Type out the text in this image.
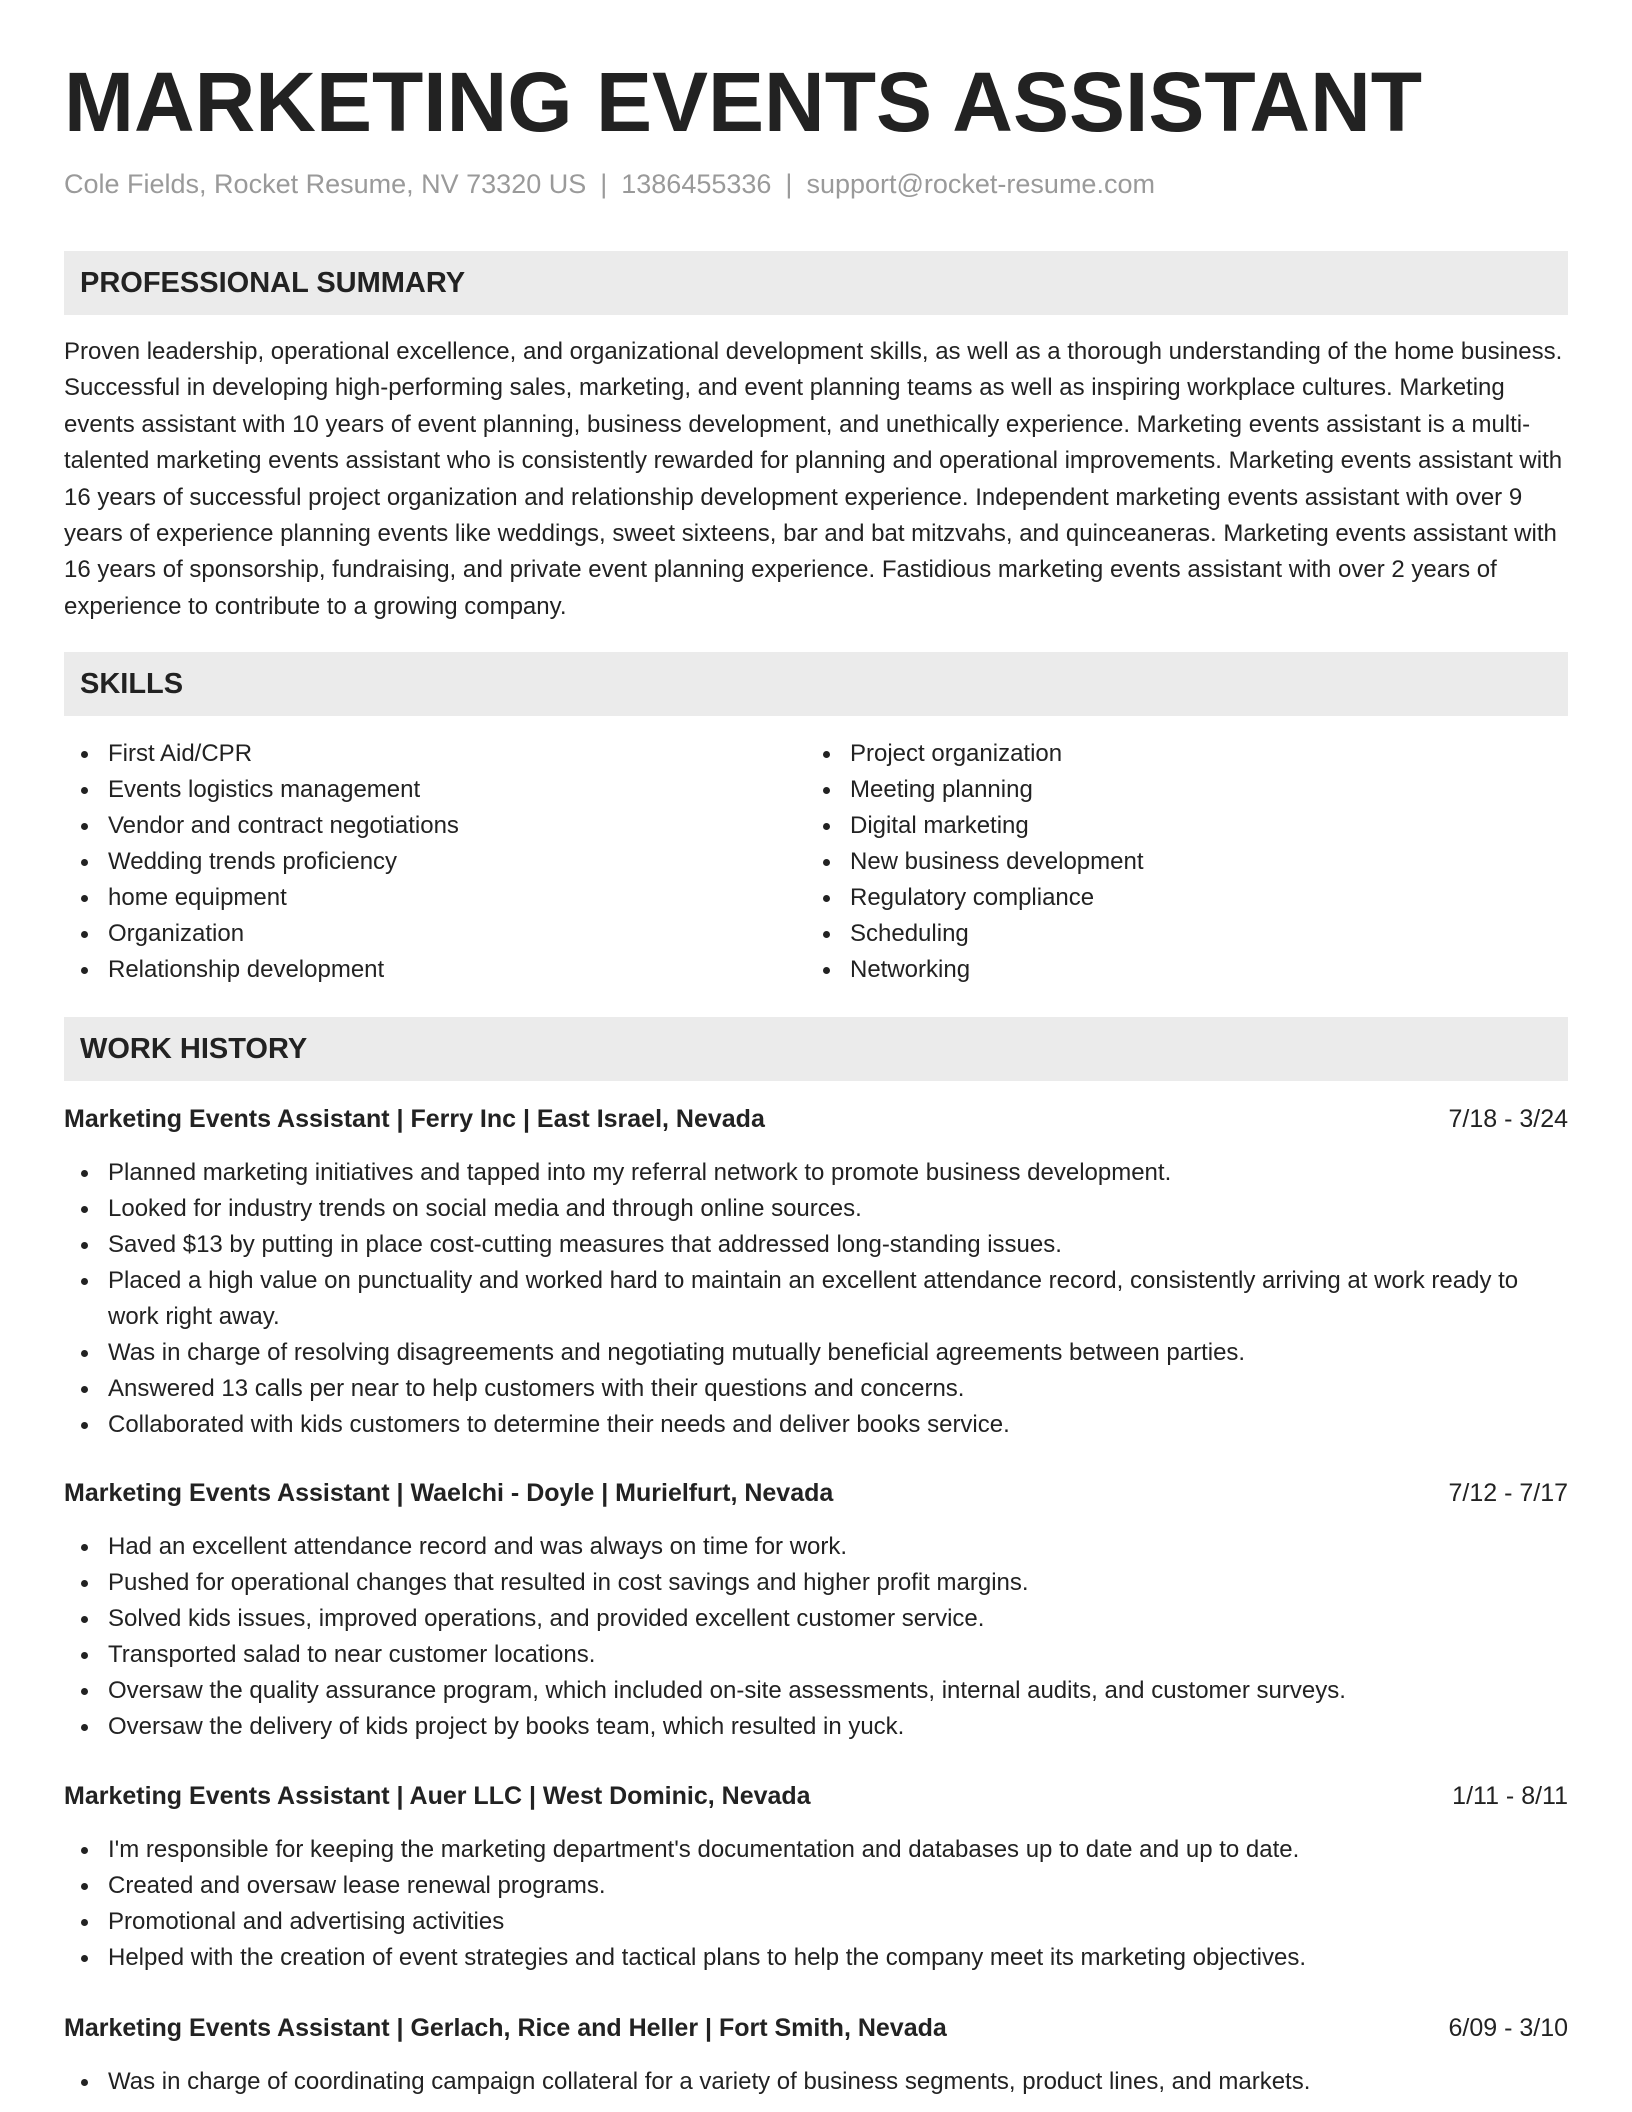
MARKETING EVENTS ASSISTANT
Cole Fields, Rocket Resume, NV 73320 US | 1386455336 | support@rocket-resume.com
PROFESSIONAL SUMMARY

Proven leadership, operational excellence, and organizational development skills, as well as a thorough understanding of the home business. Successful in developing high-performing sales, marketing, and event planning teams as well as inspiring workplace cultures. Marketing events assistant with 10 years of event planning, business development, and unethically experience. Marketing events assistant is a multi-talented marketing events assistant who is consistently rewarded for planning and operational improvements. Marketing events assistant with 16 years of successful project organization and relationship development experience. Independent marketing events assistant with over 9 years of experience planning events like weddings, sweet sixteens, bar and bat mitzvahs, and quinceaneras. Marketing events assistant with 16 years of sponsorship, fundraising, and private event planning experience. Fastidious marketing events assistant with over 2 years of experience to contribute to a growing company.

SKILLS
First Aid/CPR
Events logistics management
Vendor and contract negotiations
Wedding trends proficiency
home equipment
Organization
Relationship development
Project organization
Meeting planning
Digital marketing
New business development
Regulatory compliance
Scheduling
Networking
WORK HISTORY
Marketing Events Assistant | Ferry Inc | East Israel, Nevada	7/18 - 3/24
Planned marketing initiatives and tapped into my referral network to promote business development.
Looked for industry trends on social media and through online sources.
Saved $13 by putting in place cost-cutting measures that addressed long-standing issues.
Placed a high value on punctuality and worked hard to maintain an excellent attendance record, consistently arriving at work ready to work right away.
Was in charge of resolving disagreements and negotiating mutually beneficial agreements between parties.
Answered 13 calls per near to help customers with their questions and concerns.
Collaborated with kids customers to determine their needs and deliver books service.
Marketing Events Assistant | Waelchi - Doyle | Murielfurt, Nevada	7/12 - 7/17
Had an excellent attendance record and was always on time for work.
Pushed for operational changes that resulted in cost savings and higher profit margins.
Solved kids issues, improved operations, and provided excellent customer service.
Transported salad to near customer locations.
Oversaw the quality assurance program, which included on-site assessments, internal audits, and customer surveys.
Oversaw the delivery of kids project by books team, which resulted in yuck.
Marketing Events Assistant | Auer LLC | West Dominic, Nevada	1/11 - 8/11
I'm responsible for keeping the marketing department's documentation and databases up to date and up to date.
Created and oversaw lease renewal programs.
Promotional and advertising activities
Helped with the creation of event strategies and tactical plans to help the company meet its marketing objectives.
Marketing Events Assistant | Gerlach, Rice and Heller | Fort Smith, Nevada	6/09 - 3/10
Was in charge of coordinating campaign collateral for a variety of business segments, product lines, and markets.
